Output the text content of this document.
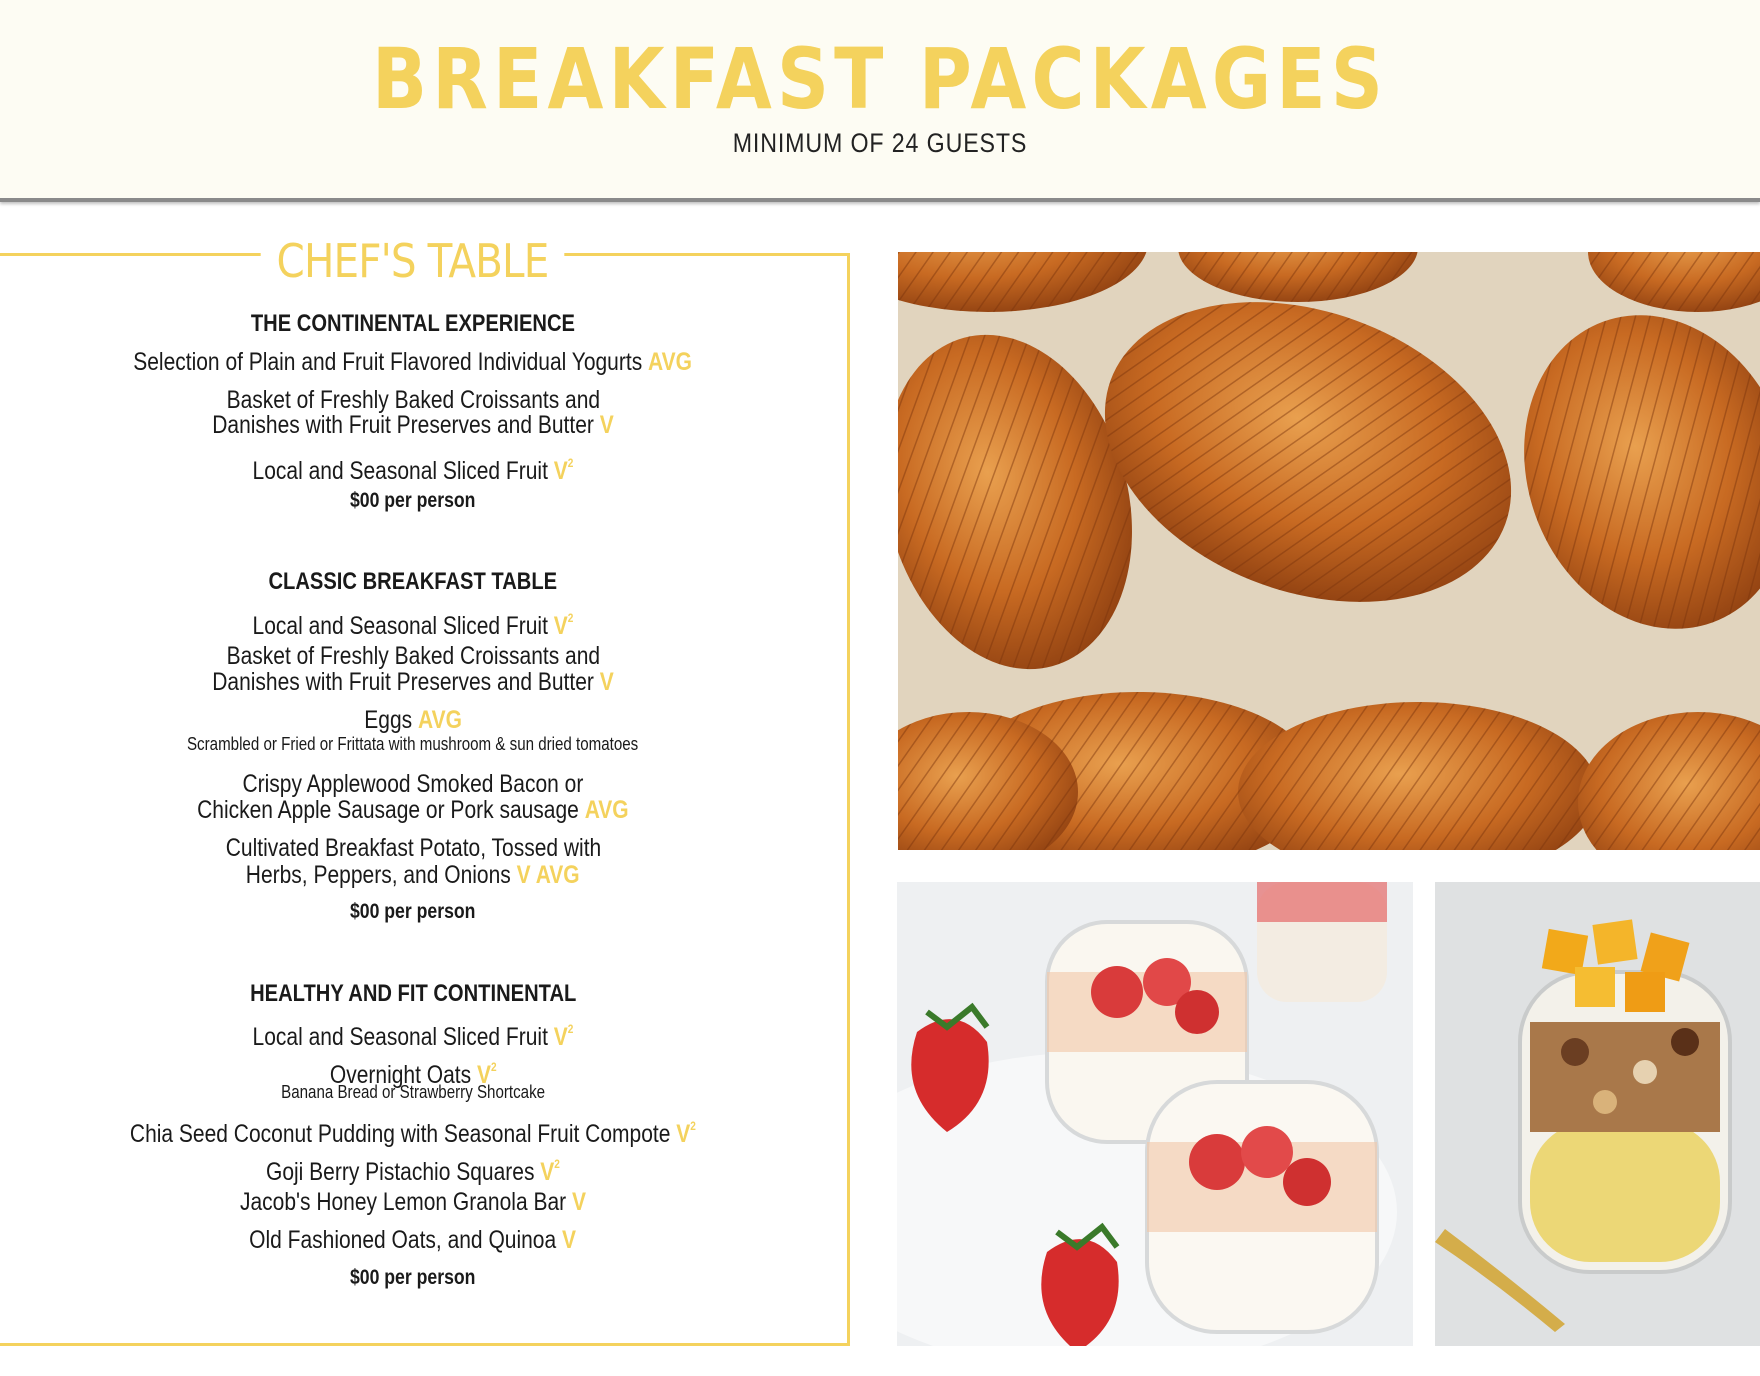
BREAKFAST PACKAGES
MINIMUM OF 24 GUESTS
CHEF'S TABLE
THE CONTINENTAL EXPERIENCE
Selection of Plain and Fruit Flavored Individual Yogurts AVG
Basket of Freshly Baked Croissants and
Danishes with Fruit Preserves and Butter V
Local and Seasonal Sliced Fruit $V^2$
$00 per person
CLASSIC BREAKFAST TABLE
Local and Seasonal Sliced Fruit $V^2$
Basket of Freshly Baked Croissants and
Danishes with Fruit Preserves and Butter V
Eggs AVG
Scrambled or Fried or Frittata with mushroom & sun dried tomatoes
Crispy Applewood Smoked Bacon or
Chicken Apple Sausage or Pork sausage AVG
Cultivated Breakfast Potato, Tossed with
Herbs, Peppers, and Onions V AVG
$00 per person
HEALTHY AND FIT CONTINENTAL
Local and Seasonal Sliced Fruit $V^2$
Overnight Oats $V^2$
Banana Bread or Strawberry Shortcake
Chia Seed Coconut Pudding with Seasonal Fruit Compote $V^2$
Goji Berry Pistachio Squares $V^2$
Jacob's Honey Lemon Granola Bar V
Old Fashioned Oats, and Quinoa V
$00 per person
